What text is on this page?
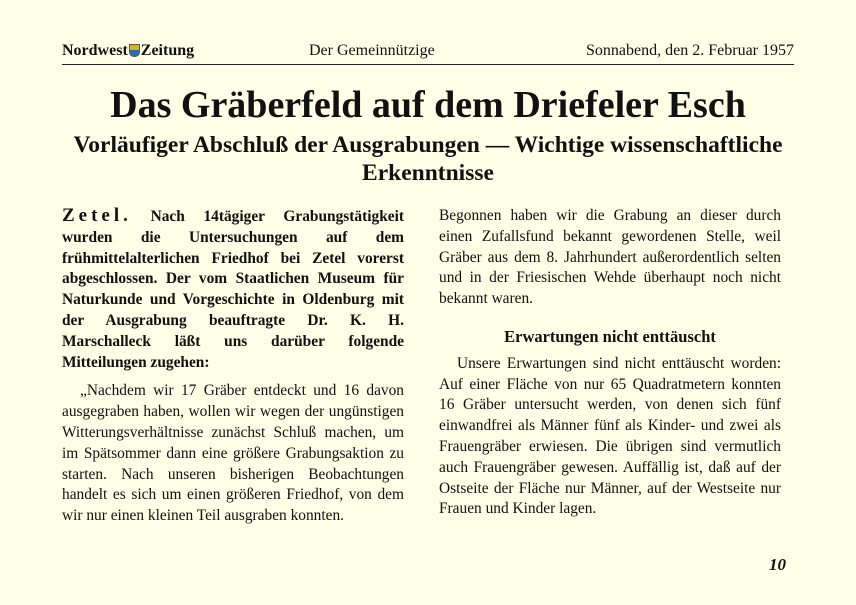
Nordwest Zeitung	Der Gemeinnützige	Sonnabend, den 2. Februar 1957
Das Gräberfeld auf dem Driefeler Esch
Vorläufiger Abschluß der Ausgrabungen — Wichtige wissenschaftliche Erkenntnisse

Zetel. Nach 14tägiger Grabungstätigkeit wurden die Untersuchungen auf dem frühmittelalterlichen Friedhof bei Zetel vorerst abgeschlossen. Der vom Staatlichen Museum für Naturkunde und Vorgeschichte in Oldenburg mit der Ausgrabung beauftragte Dr. K. H. Marschalleck läßt uns darüber folgende Mitteilungen zugehen:

„Nachdem wir 17 Gräber entdeckt und 16 davon ausgegraben haben, wollen wir wegen der ungünstigen Witterungsverhältnisse zunächst Schluß machen, um im Spätsommer dann eine größere Grabungsaktion zu starten. Nach unseren bisherigen Beobachtungen handelt es sich um einen größeren Friedhof, von dem wir nur einen kleinen Teil ausgraben konnten.

Begonnen haben wir die Grabung an dieser durch einen Zufallsfund bekannt gewordenen Stelle, weil Gräber aus dem 8. Jahrhundert außerordentlich selten und in der Friesischen Wehde überhaupt noch nicht bekannt waren.

Erwartungen nicht enttäuscht

Unsere Erwartungen sind nicht enttäuscht worden: Auf einer Fläche von nur 65 Quadratmetern konnten 16 Gräber untersucht werden, von denen sich fünf einwandfrei als Männer fünf als Kinder- und zwei als Frauengräber erwiesen. Die übrigen sind vermutlich auch Frauengräber gewesen. Auffällig ist, daß auf der Ostseite der Fläche nur Männer, auf der Westseite nur Frauen und Kinder lagen.

10
